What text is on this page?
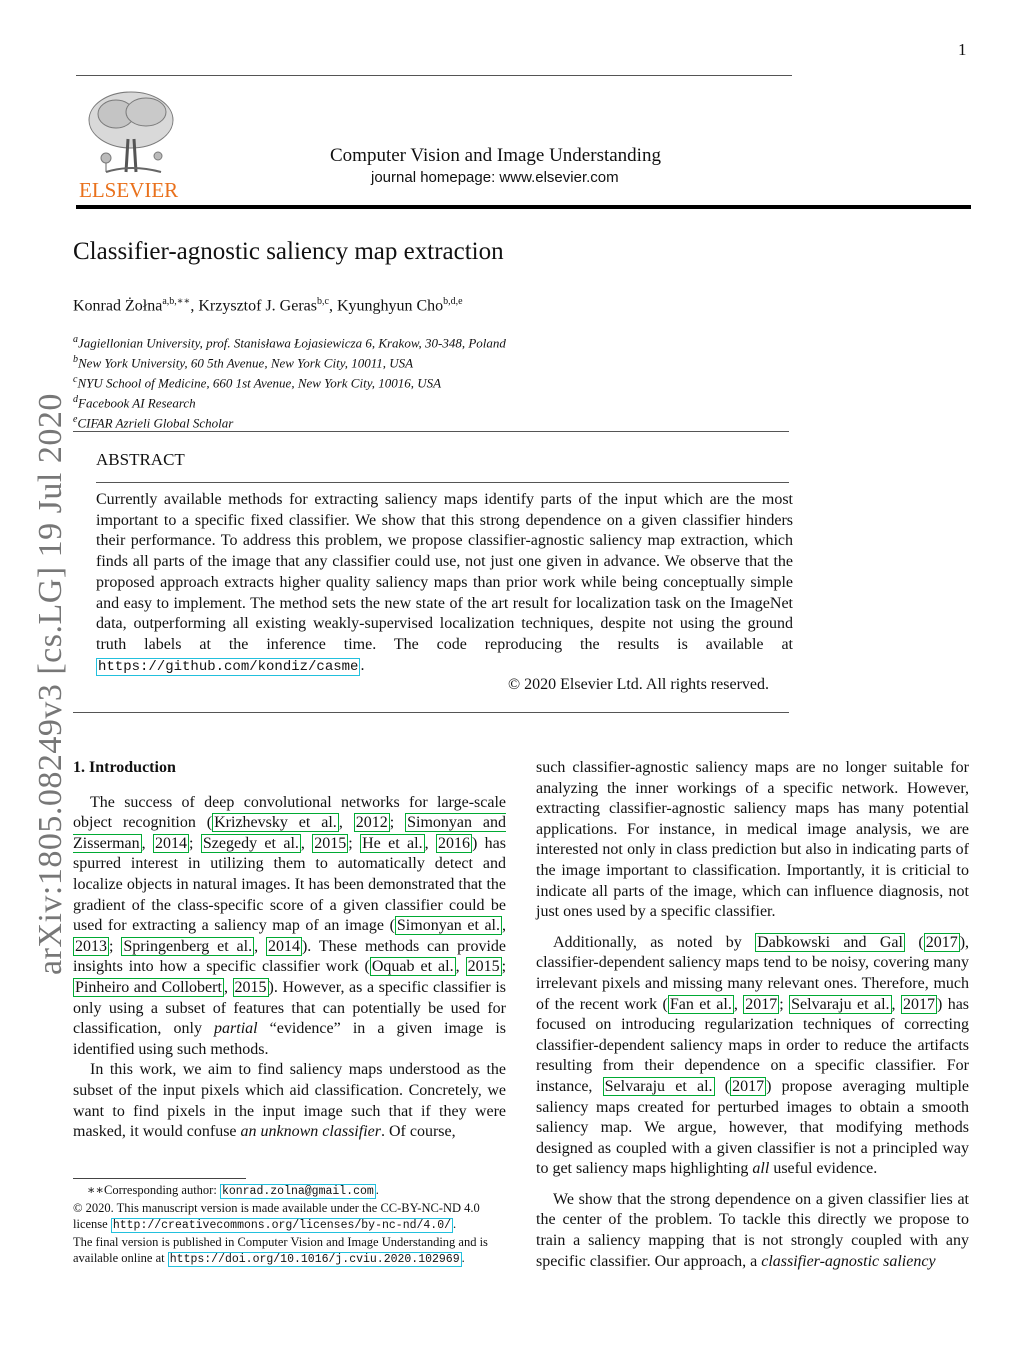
1
ELSEVIER
Computer Vision and Image Understanding
journal homepage: www.elsevier.com
Classifier-agnostic saliency map extraction
Konrad Żołna$^{a,b,∗∗}$, Krzysztof J. Geras$^{b,c}$, Kyunghyun Cho$^{b,d,e}$
$^a$Jagiellonian University, prof. Stanisława Łojasiewicza 6, Krakow, 30-348, Poland
$^b$New York University, 60 5th Avenue, New York City, 10011, USA
$^c$NYU School of Medicine, 660 1st Avenue, New York City, 10016, USA
$^d$Facebook AI Research
$^e$CIFAR Azrieli Global Scholar
ABSTRACT
Currently available methods for extracting saliency maps identify parts of the input which are the most important to a specific fixed classifier. We show that this strong dependence on a given classifier hinders their performance. To address this problem, we propose classifier-agnostic saliency map extraction, which finds all parts of the image that any classifier could use, not just one given in advance. We observe that the proposed approach extracts higher quality saliency maps than prior work while being conceptually simple and easy to implement. The method sets the new state of the art result for localization task on the ImageNet data, outperforming all existing weakly-supervised localization techniques, despite not using the ground truth labels at the inference time. The code reproducing the results is available at https://github.com/kondiz/casme .
© 2020 Elsevier Ltd. All rights reserved.
arXiv:1805.08249v3 [cs.LG] 19 Jul 2020 1. Introduction

The success of deep convolutional networks for large-scale object recognition ( Krizhevsky et al. , 2012 ; Simonyan and Zisserman , 2014 ; Szegedy et al. , 2015 ; He et al. , 2016 ) has spurred interest in utilizing them to automatically detect and localize objects in natural images. It has been demonstrated that the gradient of the class-specific score of a given classifier could be used for extracting a saliency map of an image ( Simonyan et al. , 2013 ; Springenberg et al. , 2014 ). These methods can provide insights into how a specific classifier work ( Oquab et al. , 2015 ; Pinheiro and Collobert , 2015 ). However, as a specific classifier is only using a subset of features that can potentially be used for classification, only partial “evidence” in a given image is identified using such methods.

In this work, we aim to find saliency maps understood as the subset of the input pixels which aid classification. Concretely, we want to find pixels in the input image such that if they were masked, it would confuse an unknown classifier. Of course,

such classifier-agnostic saliency maps are no longer suitable for analyzing the inner workings of a specific network. However, extracting classifier-agnostic saliency maps has many potential applications. For instance, in medical image analysis, we are interested not only in class prediction but also in indicating parts of the image important to classification. Importantly, it is criticial to indicate all parts of the image, which can influence diagnosis, not just ones used by a specific classifier.

Additionally, as noted by Dabkowski and Gal ( 2017 ), classifier-dependent saliency maps tend to be noisy, covering many irrelevant pixels and missing many relevant ones. Therefore, much of the recent work ( Fan et al. , 2017 ; Selvaraju et al. , 2017 ) has focused on introducing regularization techniques of correcting classifier-dependent saliency maps in order to reduce the artifacts resulting from their dependence on a specific classifier. For instance, Selvaraju et al. ( 2017 ) propose averaging multiple saliency maps created for perturbed images to obtain a smooth saliency map. We argue, however, that modifying methods designed as coupled with a given classifier is not a principled way to get saliency maps highlighting all useful evidence.

We show that the strong dependence on a given classifier lies at the center of the problem. To tackle this directly we propose to train a saliency mapping that is not strongly coupled with any specific classifier. Our approach, a classifier-agnostic saliency

∗∗Corresponding author: konrad.zolna@gmail.com .
© 2020. This manuscript version is made available under the CC-BY-NC-ND 4.0 license http://creativecommons.org/licenses/by-nc-nd/4.0/ .
The final version is published in Computer Vision and Image Understanding and is available online at https://doi.org/10.1016/j.cviu.2020.102969 .
